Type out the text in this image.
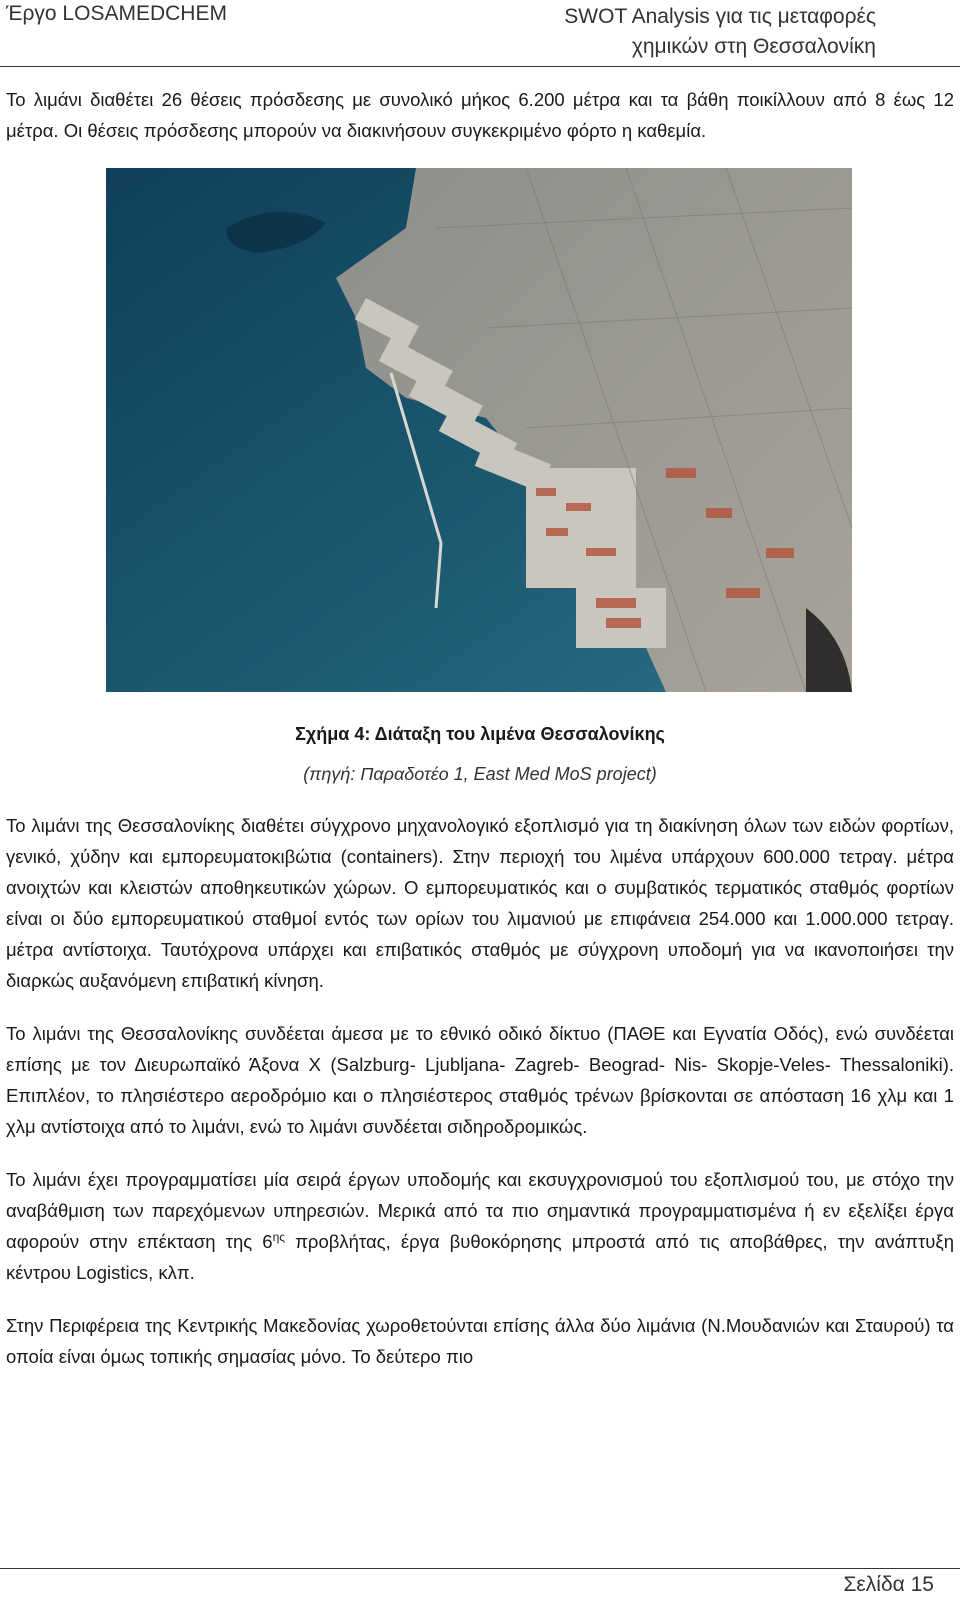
Έργο LOSAMEDCHEM	SWOT Analysis για τις μεταφορές
χημικών στη Θεσσαλονίκη

Το λιμάνι διαθέτει 26 θέσεις πρόσδεσης με συνολικό μήκος 6.200 μέτρα και τα βάθη ποικίλλουν από 8 έως 12 μέτρα. Οι θέσεις πρόσδεσης μπορούν να διακινήσουν συγκεκριμένο φόρτο η καθεμία.

Σχήμα 4: Διάταξη του λιμένα Θεσσαλονίκης
(πηγή: Παραδοτέο 1, East Med MoS project)

Το λιμάνι της Θεσσαλονίκης διαθέτει σύγχρονο μηχανολογικό εξοπλισμό για τη διακίνηση όλων των ειδών φορτίων, γενικό, χύδην και εμπορευματοκιβώτια (containers). Στην περιοχή του λιμένα υπάρχουν 600.000 τετραγ. μέτρα ανοιχτών και κλειστών αποθηκευτικών χώρων. Ο εμπορευματικός και ο συμβατικός τερματικός σταθμός φορτίων είναι οι δύο εμπορευματικού σταθμοί εντός των ορίων του λιμανιού με επιφάνεια 254.000 και 1.000.000 τετραγ. μέτρα αντίστοιχα. Ταυτόχρονα υπάρχει και επιβατικός σταθμός με σύγχρονη υποδομή για να ικανοποιήσει την διαρκώς αυξανόμενη επιβατική κίνηση.

Το λιμάνι της Θεσσαλονίκης συνδέεται άμεσα με το εθνικό οδικό δίκτυο (ΠΑΘΕ και Εγνατία Οδός), ενώ συνδέεται επίσης με τον Διευρωπαϊκό Άξονα Χ (Salzburg- Ljubljana- Zagreb- Beograd- Nis- Skopje-Veles- Thessaloniki). Επιπλέον, το πλησιέστερο αεροδρόμιο και ο πλησιέστερος σταθμός τρένων βρίσκονται σε απόσταση 16 χλμ και 1 χλμ αντίστοιχα από το λιμάνι, ενώ το λιμάνι συνδέεται σιδηροδρομικώς.

Το λιμάνι έχει προγραμματίσει μία σειρά έργων υποδομής και εκσυγχρονισμού του εξοπλισμού του, με στόχο την αναβάθμιση των παρεχόμενων υπηρεσιών. Μερικά από τα πιο σημαντικά προγραμματισμένα ή εν εξελίξει έργα αφορούν στην επέκταση της $6^{\eta\varsigma}$ προβλήτας, έργα βυθοκόρησης μπροστά από τις αποβάθρες, την ανάπτυξη κέντρου Logistics, κλπ.

Στην Περιφέρεια της Κεντρικής Μακεδονίας χωροθετούνται επίσης άλλα δύο λιμάνια (Ν.Μουδανιών και Σταυρού) τα οποία είναι όμως τοπικής σημασίας μόνο. Το δεύτερο πιο

Σελίδα 15
